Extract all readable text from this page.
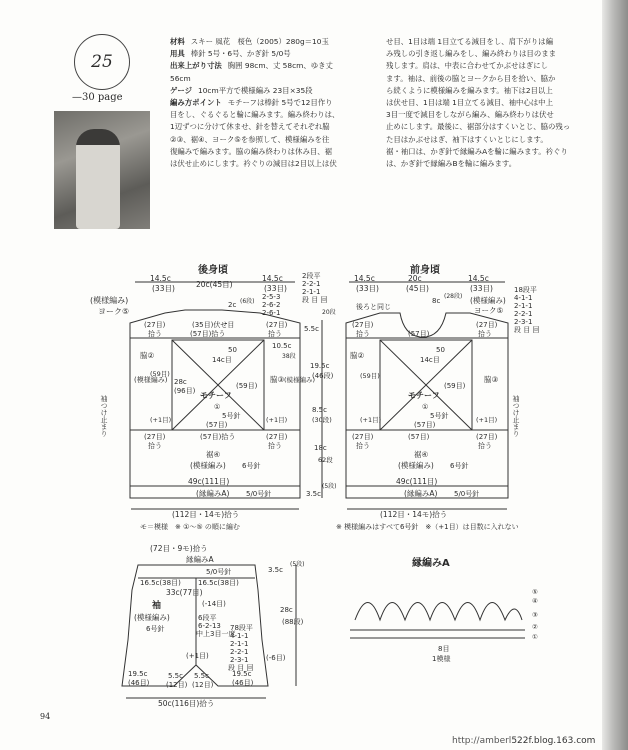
25
—30 page
材料 スキー 風花　桜色（2005）280g＝10玉
用具 棒針 5号・6号、かぎ針 5/0号
出来上がり寸法 胸囲 98cm、丈 58cm、ゆき丈
56cm
ゲージ 10cm平方で模様編み 23目×35段
編み方ポイント モチーフは棒針 5号で12目作り
目をし、ぐるぐると輪に編みます。編み終わりは、
1辺ずつに分けて休ませ、針を替えてそれぞれ脇
②③、裾④、ヨーク⑤を参照して、模様編みを往
復編みで編みます。脇の編み終わりは休み目、裾
は伏せ止めにします。衿ぐりの減目は2目以上は伏
せ目、1目は端 1目立てる減目をし、肩下がりは編
み残しの引き返し編みをし、編み終わりは目のまま
残します。肩は、中表に合わせてかぶせはぎにし
ます。袖は、前後の脇とヨークから目を拾い、脇か
ら続くように模様編みを編みます。袖下は2目以上
は伏せ目、1目は端 1目立てる減目、袖中心は中上
3目一度で減目をしながら編み、編み終わりは伏せ
止めにします。最後に、裾部分はすくいとじ、脇の残っ
た目はかぶせはぎ、袖下はすくいとじにします。
裾・袖口は、かぎ針で縁編みAを輪に編みます。衿ぐり
は、かぎ針で縁編みBを輪に編みます。
後身頃
14.5c
(33目)	20c(45目)
14.5c
(33目)
2段平
2-2-1
2-1-1
段 目 回
2-5-3
2-6-2
2-6-1
2c (6段)
(模様編み)
ヨーク⑤
(27目)
拾う
(35目)伏せ目
(57目)拾う
(27目)
拾う
10.5c
38段
5.5c
20段
19.5c
(46段)
50
14c目
脇②
(模様編み)
(59目)
28c
(96目) モチーフ
①
5号針
(59目)
脇③ (模様編み)
(+1目)
(57目)
(+1目)
(27目)
拾う
(57目)拾う	(27目)
拾う
8.5c
(30段)
18c
62段
裾④
(模様編み) 6号針
49c(111目)
(縁編みA) 5/0号針	3.5c
(5段)
(112目・14モ)拾う
袖つけ止まり
モ＝模様　※ ①〜⑤ の順に編む
前身頃
14.5c
(33目)
20c
(45目)
14.5c
(33目)
後ろと同じ
8c
(28段)
18段平
4-1-1
2-1-1
2-2-1
2-3-1
段 目 回
(模様編み)
ヨーク⑤
(27目)
拾う	(57目)
(27目)
拾う
50
14c目
脇②
脇③
(59目)
(59目)
モチーフ
①
5号針
(+1目)	(+1目)
(57目)
(27目)
拾う
(57目)	(27目)
拾う
裾④
(模様編み) 6号針
49c(111目)
(縁編みA) 5/0号針
(112目・14モ)拾う
袖つけ止まり
※ 模様編みはすべて6号針　※（+1目）は目数に入れない
(72目・9モ)拾う
縁編みA
5/0号針
16.5c(38目) 16.5c(38目)
33c(77目)
(-14目)
3.5c
(5段)
28c
(88段)
袖
(模様編み)
6号針
6段平
6-2-13
中上3目一度
78段平
4-1-1
2-1-1
2-2-1
2-3-1
段 目 回
(+1目)	(-6目)
19.5c
(46目)
5.5c
(12目)
5.5c
(12目)
19.5c
(46目)
50c(116目)拾う
縁編みA
⑤
④
③
②
①
8目
1模様
94
http://amberl522f.blog.163.com
